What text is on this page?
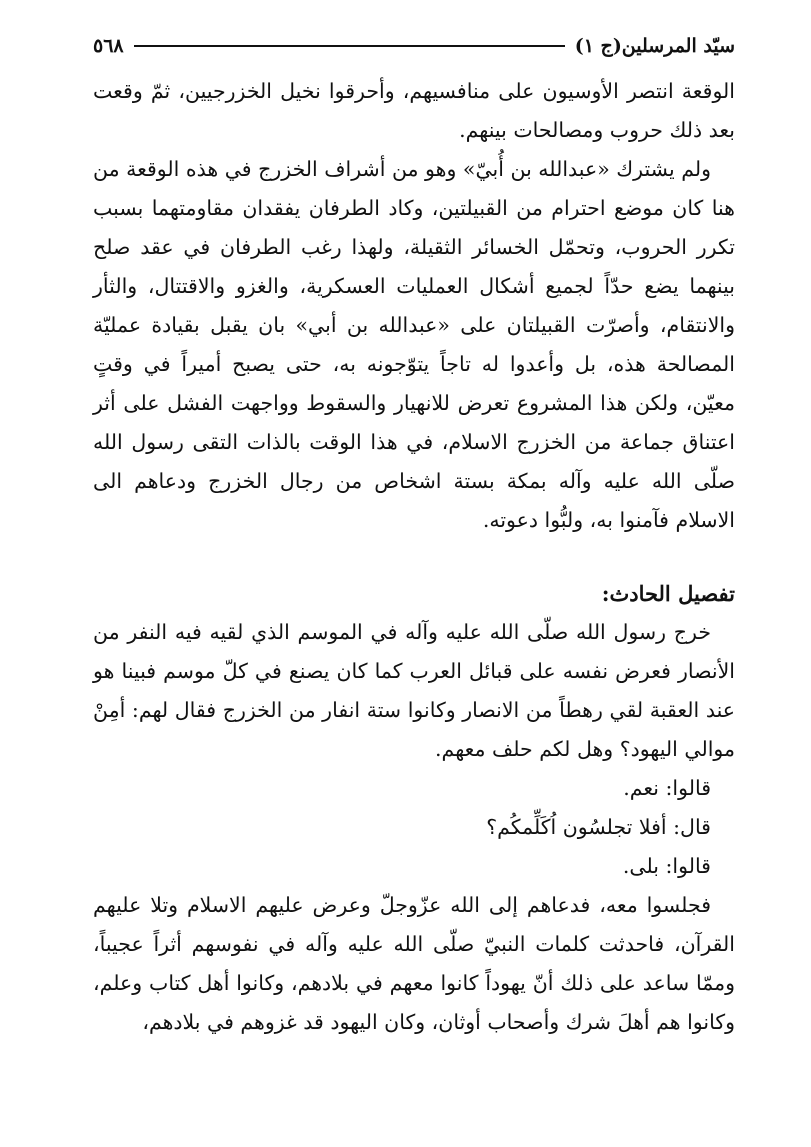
سيّد المرسلين(ج ١)
٥٦٨

الوقعة انتصر الأوسيون على منافسيهم، وأحرقوا نخيل الخزرجيين، ثمّ وقعت بعد ذلك حروب ومصالحات بينهم.

ولم يشترك «عبدالله بن أُبيّ» وهو من أشراف الخزرج في هذه الوقعة من هنا كان موضع احترام من القبيلتين، وكاد الطرفان يفقدان مقاومتهما بسبب تكرر الحروب، وتحمّل الخسائر الثقيلة، ولهذا رغب الطرفان في عقد صلح بينهما يضع حدّاً لجميع أشكال العمليات العسكرية، والغزو والاقتتال، والثأر والانتقام، وأصرّت القبيلتان على «عبدالله بن أبي» بان يقبل بقيادة عمليّة المصالحة هذه، بل وأعدوا له تاجاً يتوّجونه به، حتى يصبح أميراً في وقتٍ معيّن، ولكن هذا المشروع تعرض للانهيار والسقوط وواجهت الفشل على أثر اعتناق جماعة من الخزرج الاسلام، في هذا الوقت بالذات التقى رسول الله صلّى الله عليه وآله بمكة بستة اشخاص من رجال الخزرج ودعاهم الى الاسلام فآمنوا به، ولبُّوا دعوته.

تفصيل الحادث:

خرج رسول الله صلّى الله عليه وآله في الموسم الذي لقيه فيه النفر من الأنصار فعرض نفسه على قبائل العرب كما كان يصنع في كلّ موسم فبينا هو عند العقبة لقي رهطاً من الانصار وكانوا ستة انفار من الخزرج فقال لهم: أمِنْ موالي اليهود؟ وهل لكم حلف معهم.

قالوا: نعم.

قال: أفلا تجلسُون اُكَلِّمكُم؟

قالوا: بلى.

فجلسوا معه، فدعاهم إلى الله عزّوجلّ وعرض عليهم الاسلام وتلا عليهم القرآن، فاحدثت كلمات النبيّ صلّى الله عليه وآله في نفوسهم أثراً عجيباً، وممّا ساعد على ذلك أنّ يهوداً كانوا معهم في بلادهم، وكانوا أهل كتاب وعلم، وكانوا هم أهلَ شرك وأصحاب أوثان، وكان اليهود قد غزوهم في بلادهم،
